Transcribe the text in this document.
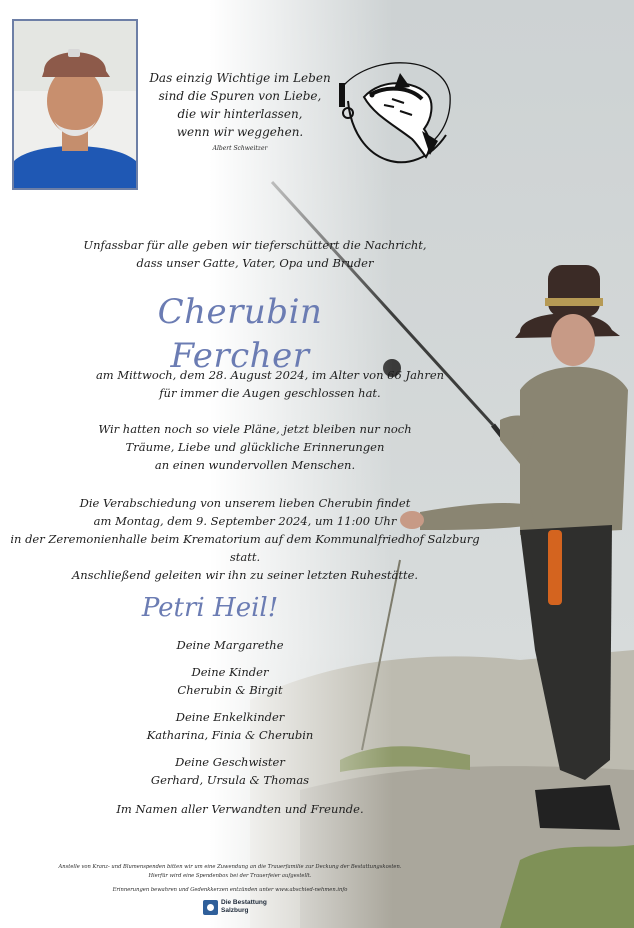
Das einzig Wichtige im Leben
sind die Spuren von Liebe,
die wir hinterlassen,
wenn wir weggehen.
Albert Schweitzer
Unfassbar für alle geben wir tieferschüttert die Nachricht,
dass unser Gatte, Vater, Opa und Bruder
Cherubin Fercher
am Mittwoch, dem 28. August 2024, im Alter von 66 Jahren
für immer die Augen geschlossen hat.
Wir hatten noch so viele Pläne, jetzt bleiben nur noch
Träume, Liebe und glückliche Erinnerungen
an einen wundervollen Menschen.
Die Verabschiedung von unserem lieben Cherubin findet
am Montag, dem 9. September 2024, um 11:00 Uhr
in der Zeremonienhalle beim Krematorium auf dem Kommunalfriedhof Salzburg statt.
Anschließend geleiten wir ihn zu seiner letzten Ruhestätte.
Petri Heil!
Deine Margarethe
Deine Kinder
Cherubin & Birgit
Deine Enkelkinder
Katharina, Finia & Cherubin
Deine Geschwister
Gerhard, Ursula & Thomas
Im Namen aller Verwandten und Freunde.
Anstelle von Kranz- und Blumenspenden bitten wir um eine Zuwendung an die Trauerfamilie zur Deckung der Bestattungskosten.
Hierfür wird eine Spendenbox bei der Trauerfeier aufgestellt.
Erinnerungen bewahren und Gedenkkerzen entzünden unter www.abschied-nehmen.info
Die Bestattung
Salzburg
